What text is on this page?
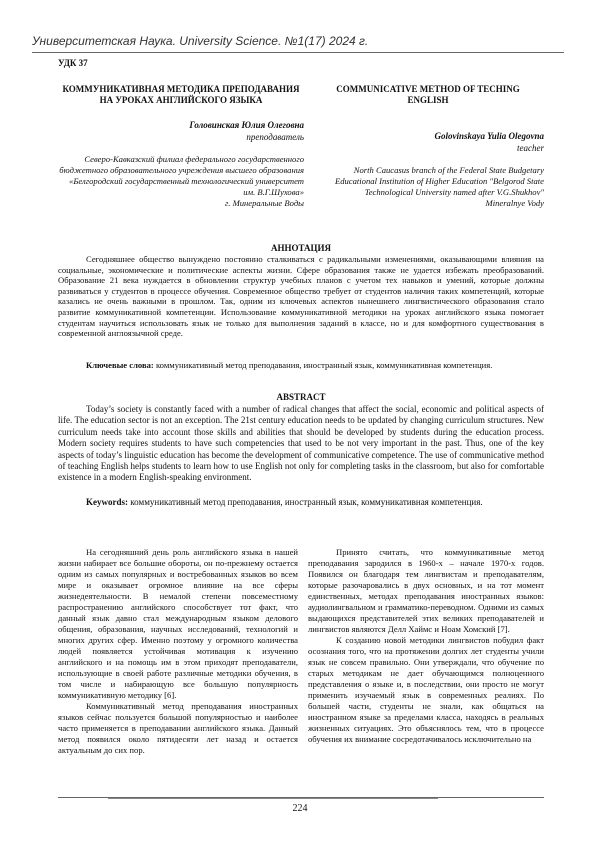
Университетская Наука. University Science. №1(17) 2024 г.
УДК 37
КОММУНИКАТИВНАЯ МЕТОДИКА ПРЕПОДАВАНИЯ НА УРОКАХ АНГЛИЙСКОГО ЯЗЫКА
Головинская Юлия Олеговна
преподаватель
Северо-Кавказский филиал федерального государственного бюджетного образовательного учреждения высшего образования «Белгородский государственный технологический университет им. В.Г.Шухова»
г. Минеральные Воды
COMMUNICATIVE METHOD OF TECHING ENGLISH
Golovinskaya Yulia Olegovna
teacher
North Caucasus branch of the Federal State Budgetary Educational Institution of Higher Education "Belgorod State Technological University named after V.G.Shukhov"
Mineralnye Vody
АННОТАЦИЯ
Сегодняшнее общество вынуждено постоянно сталкиваться с радикальными изменениями, оказывающими влияния на социальные, экономические и политические аспекты жизни. Сфере образования также не удается избежать преобразований. Образование 21 века нуждается в обновлении структур учебных планов с учетом тех навыков и умений, которые должны развиваться у студентов в процессе обучения. Современное общество требует от студентов наличия таких компетенций, которые казались не очень важными в прошлом. Так, одним из ключевых аспектов нынешнего лингвистического образования стало развитие коммуникативной компетенции. Использование коммуникативной методики на уроках английского языка помогает студентам научиться использовать язык не только для выполнения заданий в классе, но и для комфортного существования в современной англоязычной среде.
Ключевые слова: коммуникативный метод преподавания, иностранный язык, коммуникативная компетенция.
ABSTRACT
Today’s society is constantly faced with a number of radical changes that affect the social, economic and political aspects of life. The education sector is not an exception. The 21st century education needs to be updated by changing curriculum structures. New curriculum needs take into account those skills and abilities that should be developed by students during the education process. Modern society requires students to have such competencies that used to be not very important in the past. Thus, one of the key aspects of today’s linguistic education has become the development of communicative competence. The use of communicative method of teaching English helps students to learn how to use English not only for completing tasks in the classroom, but also for comfortable existence in a modern English-speaking environment.
Keywords: коммуникативный метод преподавания, иностранный язык, коммуникативная компетенция.

На сегодняшний день роль английского языка в нашей жизни набирает все большие обороты, он по-прежнему остается одним из самых популярных и востребованных языков во всем мире и оказывает огромное влияние на все сферы жизнедеятельности. В немалой степени повсеместному распространению английского способствует тот факт, что данный язык давно стал международным языком делового общения, образования, научных исследований, технологий и многих других сфер. Именно поэтому у огромного количества людей появляется устойчивая мотивация к изучению английского и на помощь им в этом приходят преподаватели, использующие в своей работе различные методики обучения, в том числе и набирающую все большую популярность коммуникативную методику [6].

Коммуникативный метод преподавания иностранных языков сейчас пользуется большой популярностью и наиболее часто применяется в преподавании английского языка. Данный метод появился около пятидесяти лет назад и остается актуальным до сих пор.

Принято считать, что коммуникативные метод преподавания зародился в 1960-х – начале 1970-х годов. Появился он благодаря тем лингвистам и преподавателям, которые разочаровались в двух основных, и на тот момент единственных, методах преподавания иностранных языков: аудиолингвальном и грамматико-переводном. Одними из самых выдающихся представителей этих великих преподавателей и лингвистов являются Делл Хаймс и Ноам Хомский [7].

К созданию новой методики лингвистов побудил факт осознания того, что на протяжении долгих лет студенты учили язык не совсем правильно. Они утверждали, что обучение по старых методикам не дает обучающимся полноценного представления о языке и, в последствии, они просто не могут применить изучаемый язык в современных реалиях. По большей части, студенты не знали, как общаться на иностранном языке за пределами класса, находясь в реальных жизненных ситуациях. Это объяснялось тем, что в процессе обучения их внимание сосредотачивалось исключительно на

224
